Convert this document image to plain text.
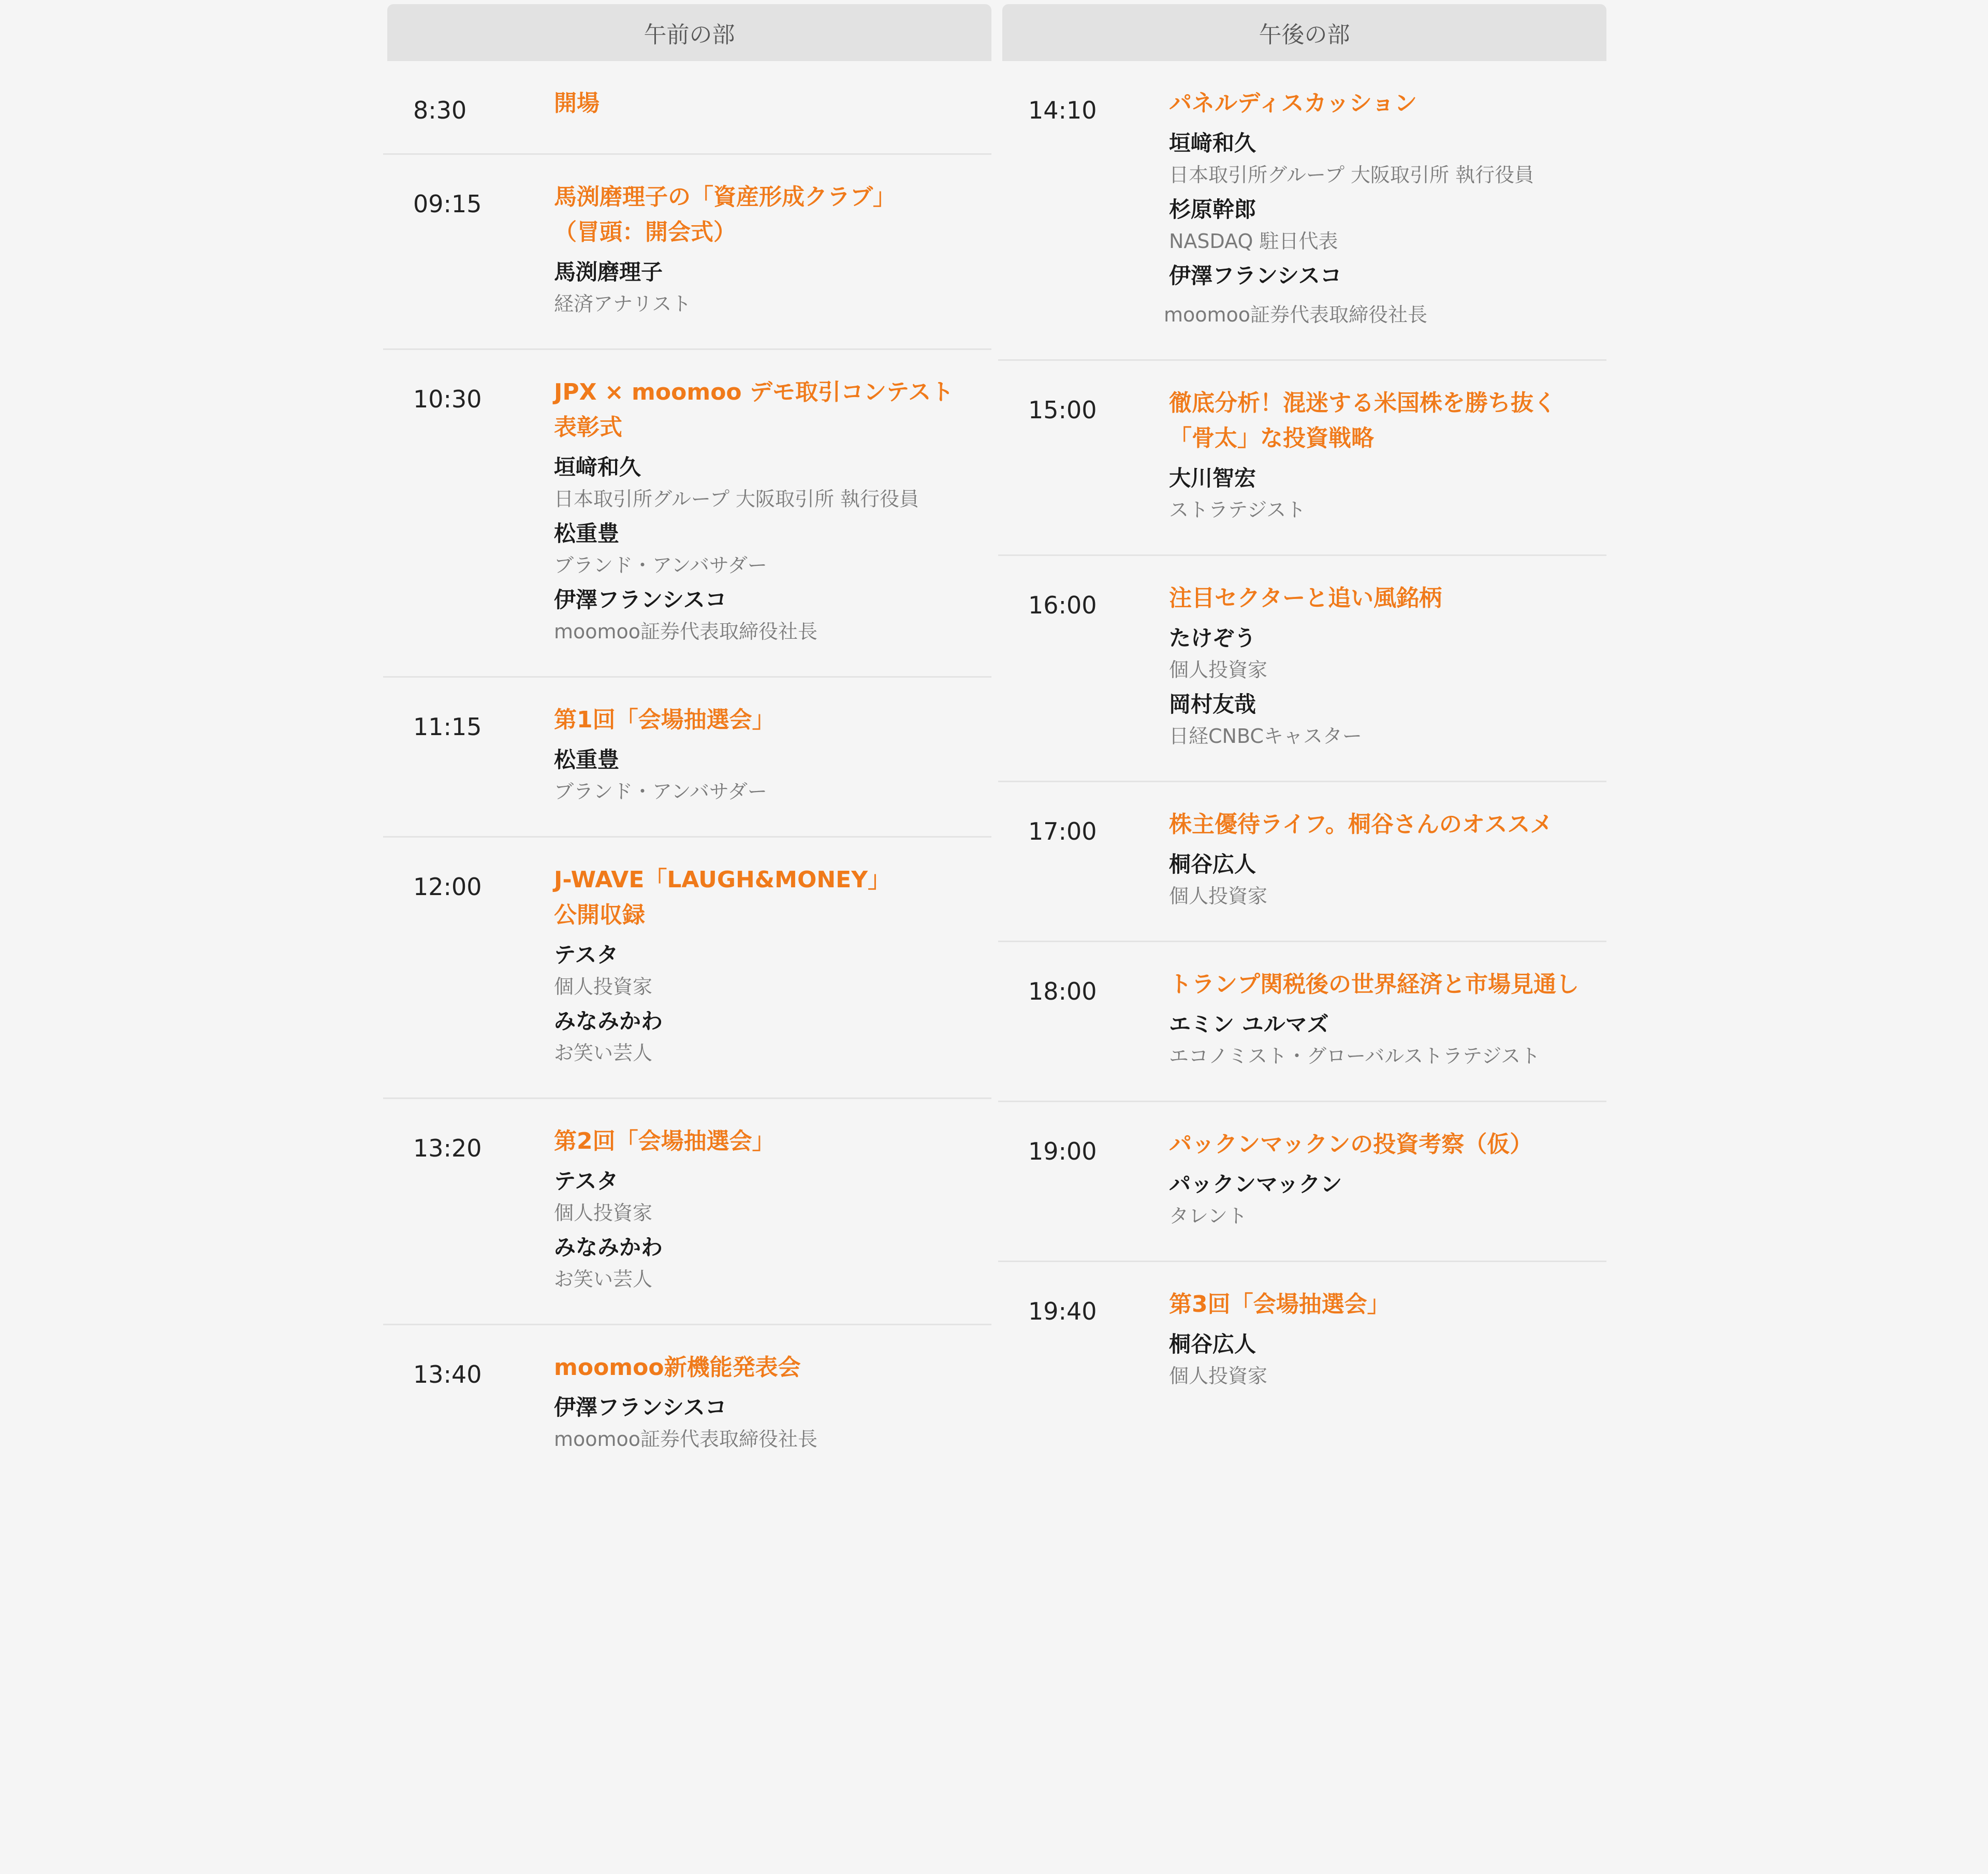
午前の部
8:30	開場
09:15	馬渕磨理子の「資産形成クラブ」
（冒頭：開会式）
馬渕磨理子
経済アナリスト
10:30	JPX × moomoo デモ取引コンテスト
表彰式
垣﨑和久
日本取引所グループ 大阪取引所 執行役員
松重豊
ブランド・アンバサダー
伊澤フランシスコ
moomoo証券代表取締役社長
11:15	第1回「会場抽選会」
松重豊
ブランド・アンバサダー
12:00	J-WAVE「LAUGH&MONEY」
公開収録
テスタ
個人投資家
みなみかわ
お笑い芸人
13:20	第2回「会場抽選会」
テスタ
個人投資家
みなみかわ
お笑い芸人
13:40	moomoo新機能発表会
伊澤フランシスコ
moomoo証券代表取締役社長
午後の部
14:10	パネルディスカッション
垣﨑和久
日本取引所グループ 大阪取引所 執行役員
杉原幹郎
NASDAQ 駐日代表
伊澤フランシスコ
moomoo証券代表取締役社長
15:00	徹底分析！混迷する米国株を勝ち抜く
「骨太」な投資戦略
大川智宏
ストラテジスト
16:00	注目セクターと追い風銘柄
たけぞう
個人投資家
岡村友哉
日経CNBCキャスター
17:00	株主優待ライフ。桐谷さんのオススメ
桐谷広人
個人投資家
18:00	トランプ関税後の世界経済と市場見通し
エミン ユルマズ
エコノミスト・グローバルストラテジスト
19:00	パックンマックンの投資考察（仮）
パックンマックン
タレント
19:40	第3回「会場抽選会」
桐谷広人
個人投資家
